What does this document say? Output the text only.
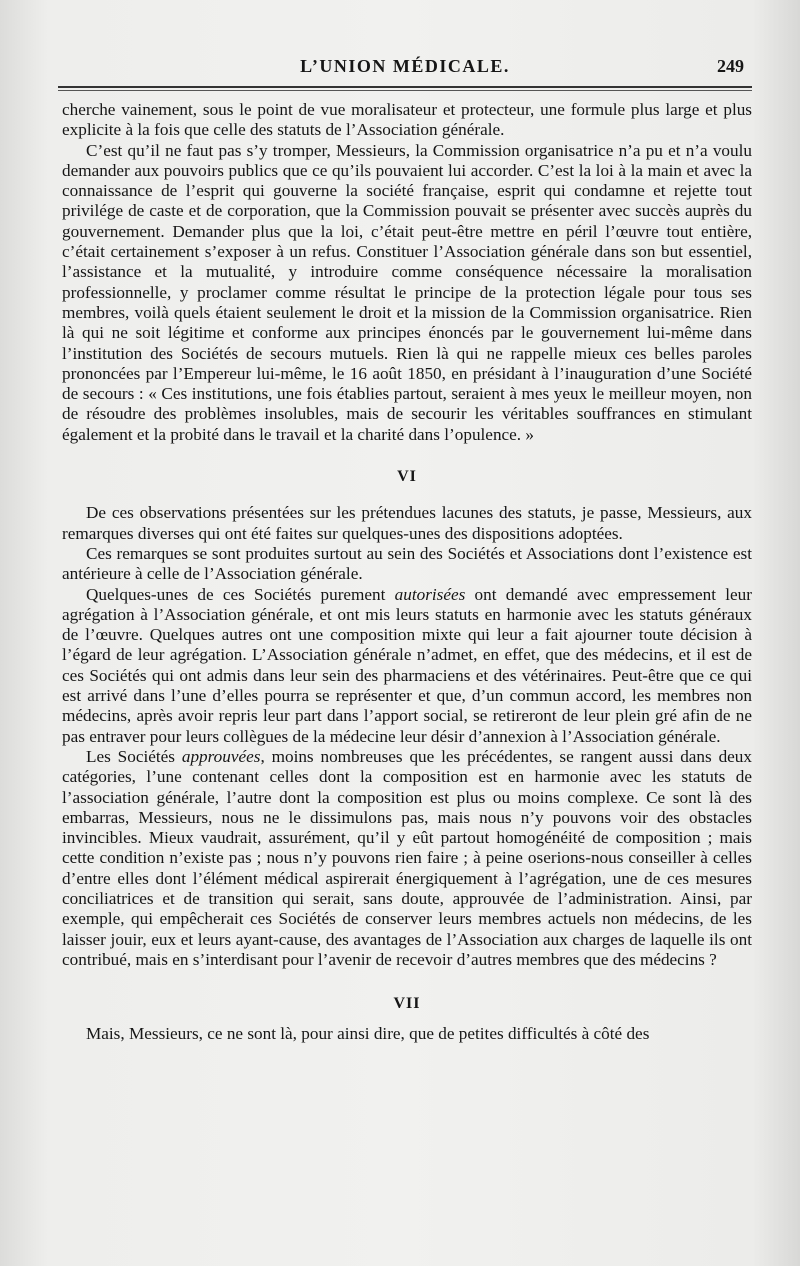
L’UNION MÉDICALE.	249

cherche vainement, sous le point de vue moralisateur et protecteur, une formule plus large et plus explicite à la fois que celle des statuts de l’Association générale.

C’est qu’il ne faut pas s’y tromper, Messieurs, la Commission organisatrice n’a pu et n’a voulu demander aux pouvoirs publics que ce qu’ils pouvaient lui accorder. C’est la loi à la main et avec la connaissance de l’esprit qui gouverne la société française, esprit qui condamne et rejette tout privilége de caste et de corporation, que la Commission pouvait se présenter avec succès auprès du gouvernement. Demander plus que la loi, c’était peut-être mettre en péril l’œuvre tout entière, c’était certainement s’exposer à un refus. Constituer l’Association générale dans son but essentiel, l’assistance et la mutualité, y introduire comme conséquence nécessaire la moralisation professionnelle, y proclamer comme résultat le principe de la protection légale pour tous ses membres, voilà quels étaient seulement le droit et la mission de la Commission organisatrice. Rien là qui ne soit légitime et conforme aux principes énoncés par le gouvernement lui-même dans l’institution des Sociétés de secours mutuels. Rien là qui ne rappelle mieux ces belles paroles prononcées par l’Empereur lui-même, le 16 août 1850, en présidant à l’inauguration d’une Société de secours : « Ces institutions, une fois établies partout, seraient à mes yeux le meilleur moyen, non de résoudre des problèmes insolubles, mais de secourir les véritables souffrances en stimulant également et la probité dans le travail et la charité dans l’opulence. »

VI

De ces observations présentées sur les prétendues lacunes des statuts, je passe, Messieurs, aux remarques diverses qui ont été faites sur quelques-unes des dispositions adoptées.

Ces remarques se sont produites surtout au sein des Sociétés et Associations dont l’existence est antérieure à celle de l’Association générale.

Quelques-unes de ces Sociétés purement autorisées ont demandé avec empressement leur agrégation à l’Association générale, et ont mis leurs statuts en harmonie avec les statuts généraux de l’œuvre. Quelques autres ont une composition mixte qui leur a fait ajourner toute décision à l’égard de leur agrégation. L’Association générale n’admet, en effet, que des médecins, et il est de ces Sociétés qui ont admis dans leur sein des pharmaciens et des vétérinaires. Peut-être que ce qui est arrivé dans l’une d’elles pourra se représenter et que, d’un commun accord, les membres non médecins, après avoir repris leur part dans l’apport social, se retireront de leur plein gré afin de ne pas entraver pour leurs collègues de la médecine leur désir d’annexion à l’Association générale.

Les Sociétés approuvées, moins nombreuses que les précédentes, se rangent aussi dans deux catégories, l’une contenant celles dont la composition est en harmonie avec les statuts de l’association générale, l’autre dont la composition est plus ou moins complexe. Ce sont là des embarras, Messieurs, nous ne le dissimulons pas, mais nous n’y pouvons voir des obstacles invincibles. Mieux vaudrait, assurément, qu’il y eût partout homogénéité de composition ; mais cette condition n’existe pas ; nous n’y pouvons rien faire ; à peine oserions-nous conseiller à celles d’entre elles dont l’élément médical aspirerait énergiquement à l’agrégation, une de ces mesures conciliatrices et de transition qui serait, sans doute, approuvée de l’administration. Ainsi, par exemple, qui empêcherait ces Sociétés de conserver leurs membres actuels non médecins, de les laisser jouir, eux et leurs ayant-cause, des avantages de l’Association aux charges de laquelle ils ont contribué, mais en s’interdisant pour l’avenir de recevoir d’autres membres que des médecins ?

VII

Mais, Messieurs, ce ne sont là, pour ainsi dire, que de petites difficultés à côté des
